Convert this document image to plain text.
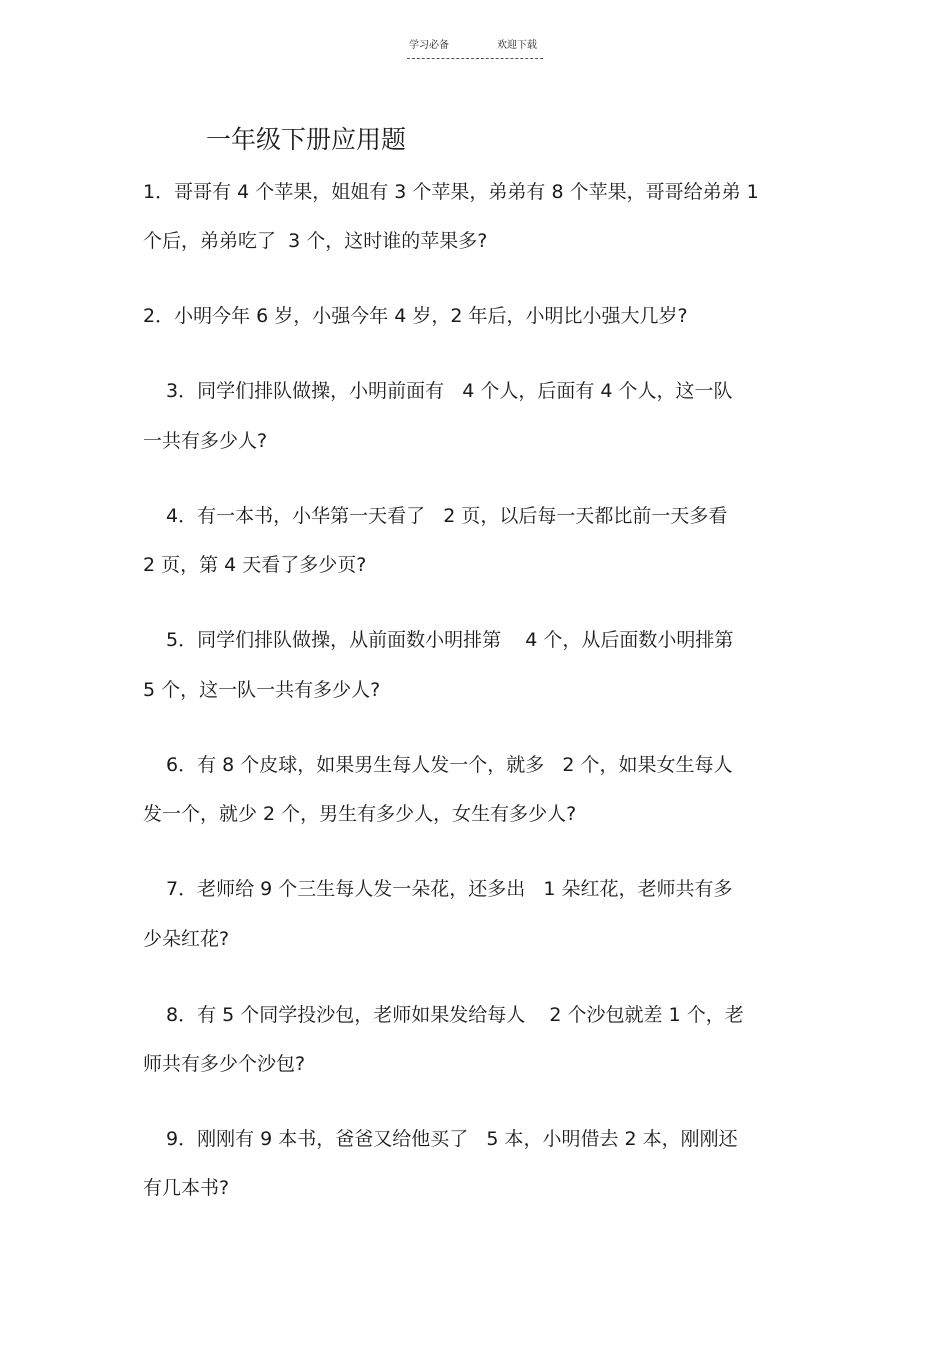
学习必备	欢迎下载
一年级下册应用题
1．哥哥有 4 个苹果，姐姐有 3 个苹果，弟弟有 8 个苹果，哥哥给弟弟 1
个后，弟弟吃了  3 个，这时谁的苹果多?
2．小明今年 6 岁，小强今年 4 岁，2 年后，小明比小强大几岁?
3．同学们排队做操，小明前面有   4 个人，后面有 4 个人，这一队
一共有多少人?
4．有一本书，小华第一天看了   2 页，以后每一天都比前一天多看
2 页，第 4 天看了多少页?
5．同学们排队做操，从前面数小明排第    4 个，从后面数小明排第
5 个，这一队一共有多少人?
6．有 8 个皮球，如果男生每人发一个，就多   2 个，如果女生每人
发一个，就少 2 个，男生有多少人，女生有多少人?
7．老师给 9 个三生每人发一朵花，还多出   1 朵红花，老师共有多
少朵红花?
8．有 5 个同学投沙包，老师如果发给每人    2 个沙包就差 1 个，老
师共有多少个沙包?
9．刚刚有 9 本书，爸爸又给他买了   5 本，小明借去 2 本，刚刚还
有几本书?
